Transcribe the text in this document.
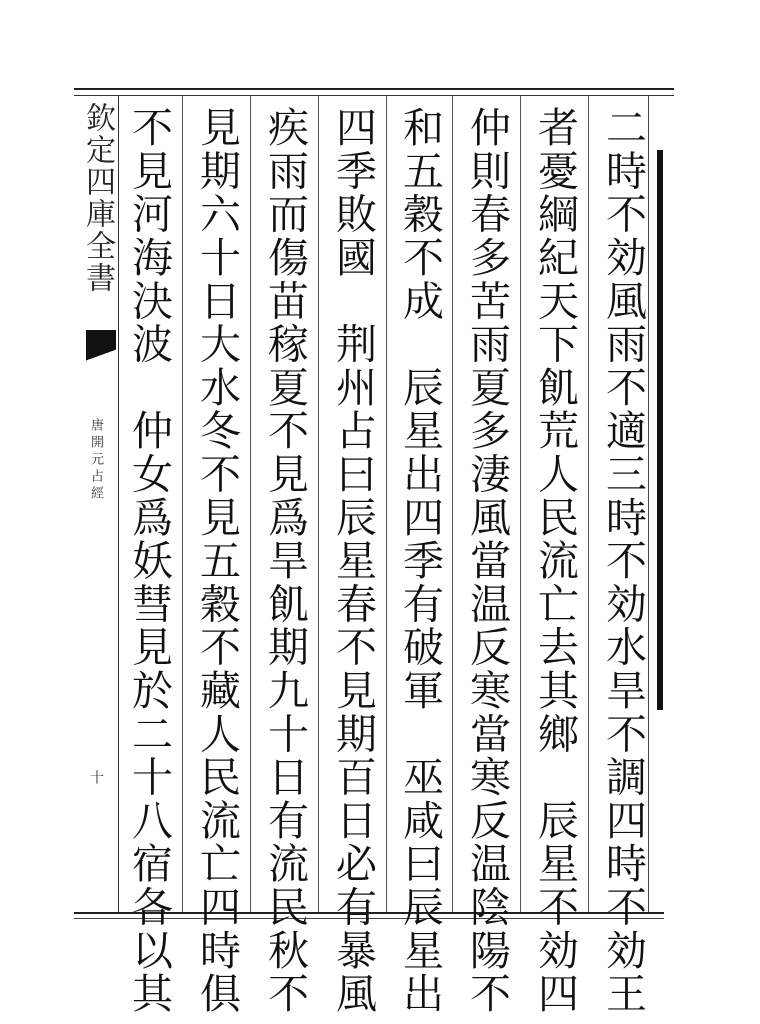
欽定四庫全書
唐開元占經
十	二時不効風雨不適三時不効水旱不調四時不効王
者憂綱紀天下飢荒人民流亡去其鄉　辰星不効四
仲則春多苦雨夏多淒風當温反寒當寒反温陰陽不
和五穀不成　辰星出四季有破軍　巫咸曰辰星出
四季敗國　荆州占曰辰星春不見期百日必有暴風
疾雨而傷苗稼夏不見爲旱飢期九十日有流民秋不
見期六十日大水冬不見五穀不藏人民流亡四時俱
不見河海決波　仲女爲妖彗見於二十八宿各以其
